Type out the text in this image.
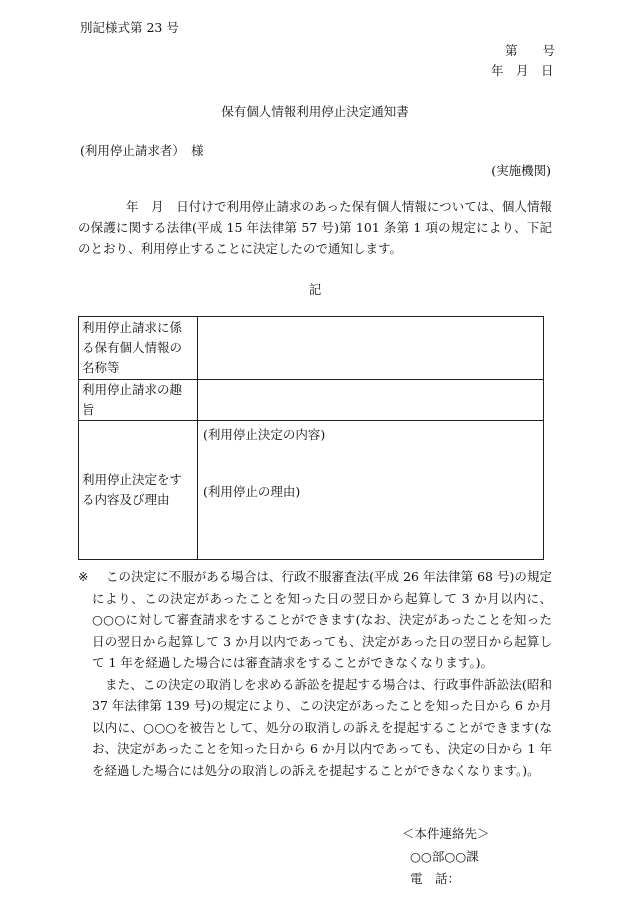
別記様式第 23 号
第　　号
年　月　日
保有個人情報利用停止決定通知書
(利用停止請求者）　様
(実施機関)
年　月　日付けで利用停止請求のあった保有個人情報については、個人情報の保護に関する法律(平成 15 年法律第 57 号)第 101 条第 1 項の規定により、下記のとおり、利用停止することに決定したので通知します。
記
利用停止請求に係る保有個人情報の名称等	
利用停止請求の趣旨	
利用停止決定をする内容及び理由	(利用停止決定の内容)
(利用停止の理由)
※ この決定に不服がある場合は、行政不服審査法(平成 26 年法律第 68 号)の規定により、この決定があったことを知った日の翌日から起算して 3 か月以内に、○○○に対して審査請求をすることができます(なお、決定があったことを知った日の翌日から起算して 3 か月以内であっても、決定があった日の翌日から起算して 1 年を経過した場合には審査請求をすることができなくなります。)。
また、この決定の取消しを求める訴訟を提起する場合は、行政事件訴訟法(昭和 37 年法律第 139 号)の規定により、この決定があったことを知った日から 6 か月以内に、○○○を被告として、処分の取消しの訴えを提起することができます(なお、決定があったことを知った日から 6 か月以内であっても、決定の日から 1 年を経過した場合には処分の取消しの訴えを提起することができなくなります。)。
＜本件連絡先＞
○○部○○課
電　話：
